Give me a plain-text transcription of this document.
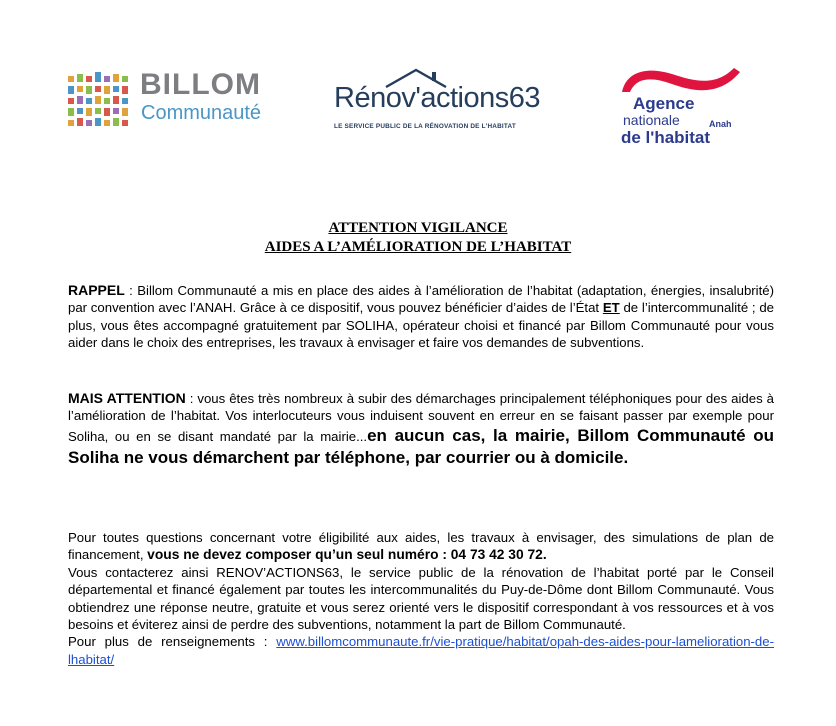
BILLOM
Communauté	Rénov'actions63
LE SERVICE PUBLIC DE LA RÉNOVATION DE L'HABITAT
Agence
nationale	Anah
de l'habitat
ATTENTION VIGILANCE
AIDES A L’AMÉLIORATION DE L’HABITAT
RAPPEL : Billom Communauté a mis en place des aides à l’amélioration de l’habitat (adaptation, énergies, insalubrité) par convention avec l’ANAH. Grâce à ce dispositif, vous pouvez bénéficier d’aides de l’État ET de l’intercommunalité ; de plus, vous êtes accompagné gratuitement par SOLIHA, opérateur choisi et financé par Billom Communauté pour vous aider dans le choix des entreprises, les travaux à envisager et faire vos demandes de subventions.
MAIS ATTENTION : vous êtes très nombreux à subir des démarchages principalement téléphoniques pour des aides à l’amélioration de l’habitat. Vos interlocuteurs vous induisent souvent en erreur en se faisant passer par exemple pour Soliha, ou en se disant mandaté par la mairie...en aucun cas, la mairie, Billom Communauté ou Soliha ne vous démarchent par téléphone, par courrier ou à domicile.
Pour toutes questions concernant votre éligibilité aux aides, les travaux à envisager, des simulations de plan de financement, vous ne devez composer qu’un seul numéro : 04 73 42 30 72.
Vous contacterez ainsi RENOV’ACTIONS63, le service public de la rénovation de l’habitat porté par le Conseil départemental et financé également par toutes les intercommunalités du Puy-de-Dôme dont Billom Communauté. Vous obtiendrez une réponse neutre, gratuite et vous serez orienté vers le dispositif correspondant à vos ressources et à vos besoins et éviterez ainsi de perdre des subventions, notamment la part de Billom Communauté.
Pour plus de renseignements : www.billomcommunaute.fr/vie-pratique/habitat/opah-des-aides-pour-lamelioration-de-lhabitat/
